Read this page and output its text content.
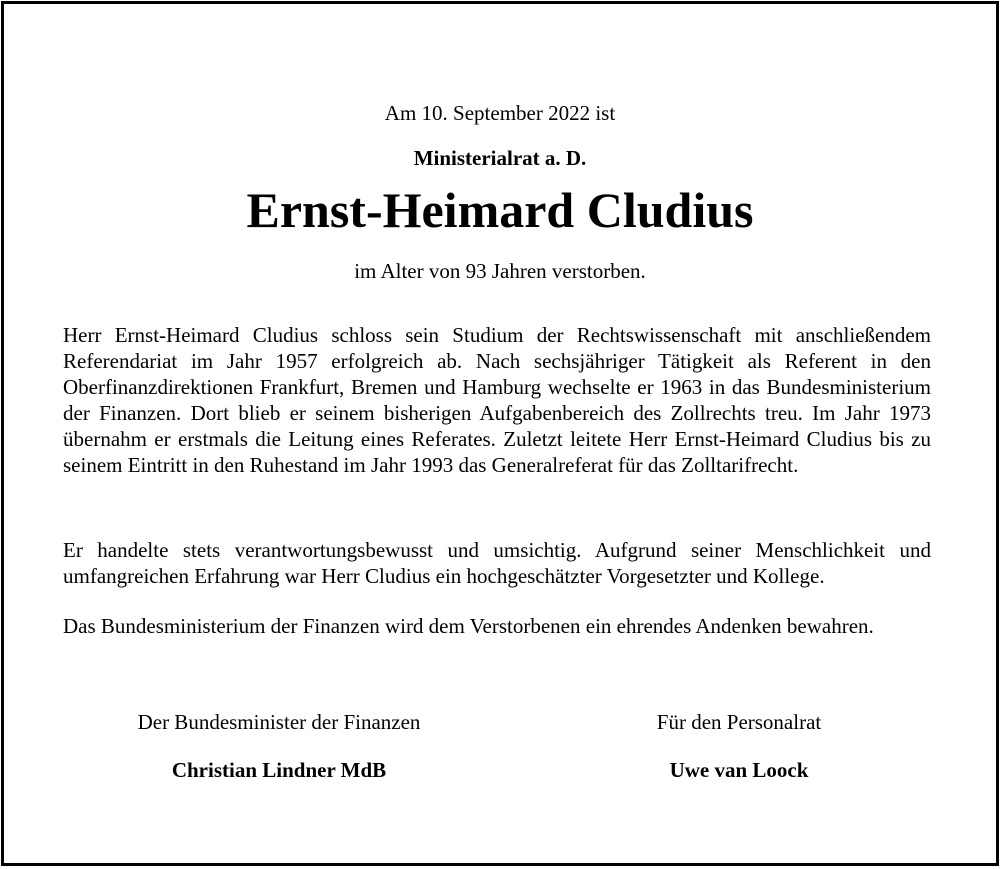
Am 10. September 2022 ist
Ministerialrat a. D.
Ernst-Heimard Cludius
im Alter von 93 Jahren verstorben.

Herr Ernst-Heimard Cludius schloss sein Studium der Rechtswissenschaft mit anschließendem Referendariat im Jahr 1957 erfolgreich ab. Nach sechsjähriger Tätigkeit als Referent in den Oberfinanzdirektionen Frankfurt, Bremen und Hamburg wechselte er 1963 in das Bundesministerium der Finanzen. Dort blieb er seinem bisherigen Aufgabenbereich des Zollrechts treu. Im Jahr 1973 übernahm er erstmals die Leitung eines Referates. Zuletzt leitete Herr Ernst-Heimard Cludius bis zu seinem Eintritt in den Ruhestand im Jahr 1993 das Generalreferat für das Zolltarifrecht.

Er handelte stets verantwortungsbewusst und umsichtig. Aufgrund seiner Menschlichkeit und umfangreichen Erfahrung war Herr Cludius ein hochgeschätzter Vorgesetzter und Kollege.

Das Bundesministerium der Finanzen wird dem Verstorbenen ein ehrendes Andenken bewahren.

Der Bundesminister der Finanzen
Christian Lindner MdB
Für den Personalrat
Uwe van Loock
